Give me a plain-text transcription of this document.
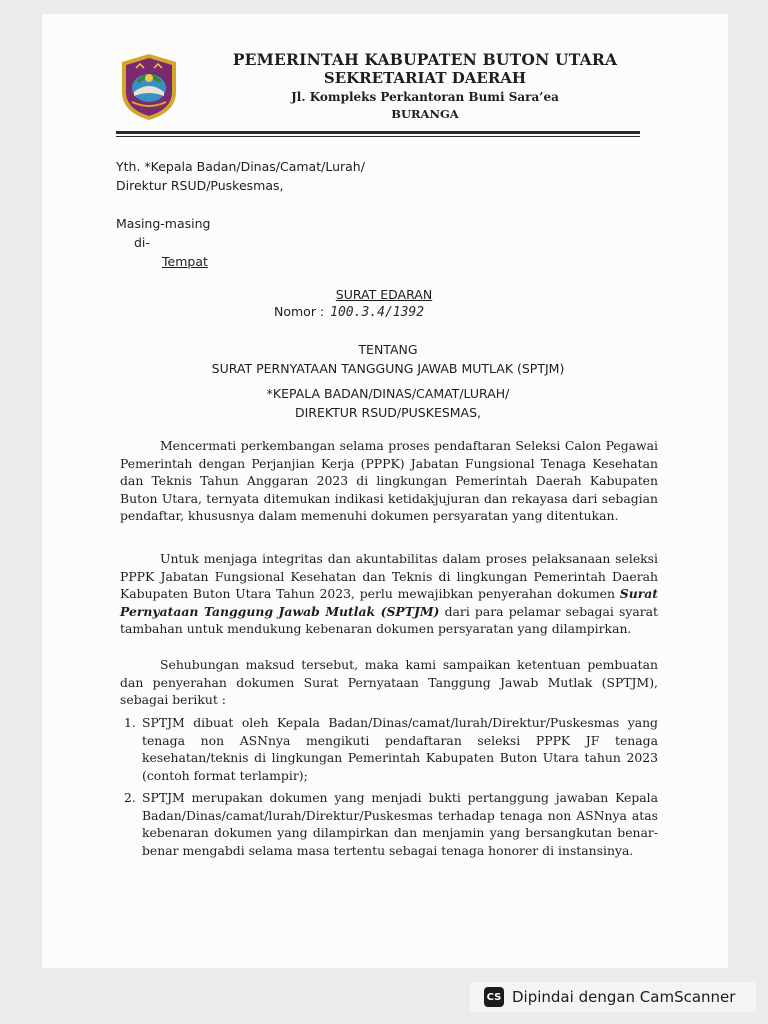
PEMERINTAH KABUPATEN BUTON UTARA
SEKRETARIAT DAERAH
Jl. Kompleks Perkantoran Bumi Sara’ea
BURANGA
Yth. *Kepala Badan/Dinas/Camat/Lurah/
Direktur RSUD/Puskesmas,
Masing-masing
di-
Tempat
SURAT EDARAN
Nomor : 100.3.4/1392
TENTANG
SURAT PERNYATAAN TANGGUNG JAWAB MUTLAK (SPTJM)
*KEPALA BADAN/DINAS/CAMAT/LURAH/
DIREKTUR RSUD/PUSKESMAS,

Mencermati perkembangan selama proses pendaftaran Seleksi Calon Pegawai Pemerintah dengan Perjanjian Kerja (PPPK) Jabatan Fungsional Tenaga Kesehatan dan Teknis Tahun Anggaran 2023 di lingkungan Pemerintah Daerah Kabupaten Buton Utara, ternyata ditemukan indikasi ketidakjujuran dan rekayasa dari sebagian pendaftar, khususnya dalam memenuhi dokumen persyaratan yang ditentukan.

Untuk menjaga integritas dan akuntabilitas dalam proses pelaksanaan seleksi PPPK Jabatan Fungsional Kesehatan dan Teknis di lingkungan Pemerintah Daerah Kabupaten Buton Utara Tahun 2023, perlu mewajibkan penyerahan dokumen Surat Pernyataan Tanggung Jawab Mutlak (SPTJM) dari para pelamar sebagai syarat tambahan untuk mendukung kebenaran dokumen persyaratan yang dilampirkan.

Sehubungan maksud tersebut, maka kami sampaikan ketentuan pembuatan dan penyerahan dokumen Surat Pernyataan Tanggung Jawab Mutlak (SPTJM), sebagai berikut :

1. SPTJM dibuat oleh Kepala Badan/Dinas/camat/lurah/Direktur/Puskesmas yang tenaga non ASNnya mengikuti pendaftaran seleksi PPPK JF tenaga kesehatan/teknis di lingkungan Pemerintah Kabupaten Buton Utara tahun 2023 (contoh format terlampir);
2. SPTJM merupakan dokumen yang menjadi bukti pertanggung jawaban Kepala Badan/Dinas/camat/lurah/Direktur/Puskesmas terhadap tenaga non ASNnya atas kebenaran dokumen yang dilampirkan dan menjamin yang bersangkutan benar-benar mengabdi selama masa tertentu sebagai tenaga honorer di instansinya.
CS Dipindai dengan CamScanner
